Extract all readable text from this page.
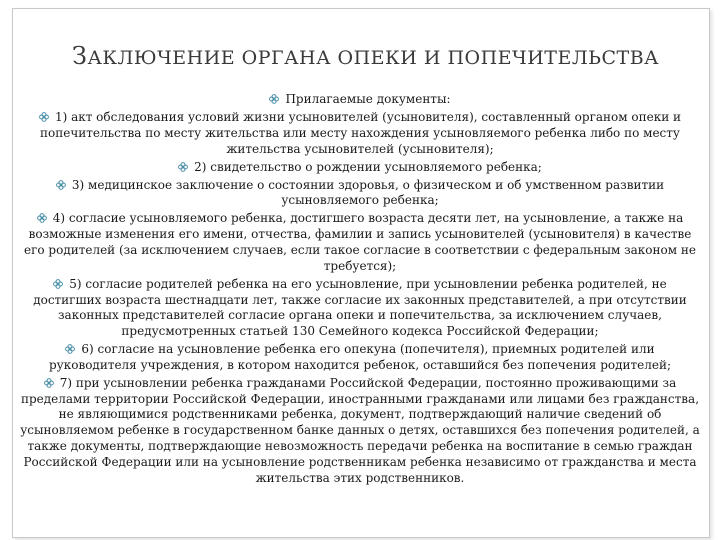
ЗАКЛЮЧЕНИЕ ОРГАНА ОПЕКИ И ПОПЕЧИТЕЛЬСТВА
Прилагаемые документы:
1) акт обследования условий жизни усыновителей (усыновителя), составленный органом опеки и попечительства по месту жительства или месту нахождения усыновляемого ребенка либо по месту жительства усыновителей (усыновителя);
2) свидетельство о рождении усыновляемого ребенка;
3) медицинское заключение о состоянии здоровья, о физическом и об умственном развитии усыновляемого ребенка;
4) согласие усыновляемого ребенка, достигшего возраста десяти лет, на усыновление, а также на возможные изменения его имени, отчества, фамилии и запись усыновителей (усыновителя) в качестве его родителей (за исключением случаев, если такое согласие в соответствии с федеральным законом не требуется);
5) согласие родителей ребенка на его усыновление, при усыновлении ребенка родителей, не достигших возраста шестнадцати лет, также согласие их законных представителей, а при отсутствии законных представителей согласие органа опеки и попечительства, за исключением случаев, предусмотренных статьей 130 Семейного кодекса Российской Федерации;
6) согласие на усыновление ребенка его опекуна (попечителя), приемных родителей или руководителя учреждения, в котором находится ребенок, оставшийся без попечения родителей;
7) при усыновлении ребенка гражданами Российской Федерации, постоянно проживающими за пределами территории Российской Федерации, иностранными гражданами или лицами без гражданства, не являющимися родственниками ребенка, документ, подтверждающий наличие сведений об усыновляемом ребенке в государственном банке данных о детях, оставшихся без попечения родителей, а также документы, подтверждающие невозможность передачи ребенка на воспитание в семью граждан Российской Федерации или на усыновление родственникам ребенка независимо от гражданства и места жительства этих родственников.
